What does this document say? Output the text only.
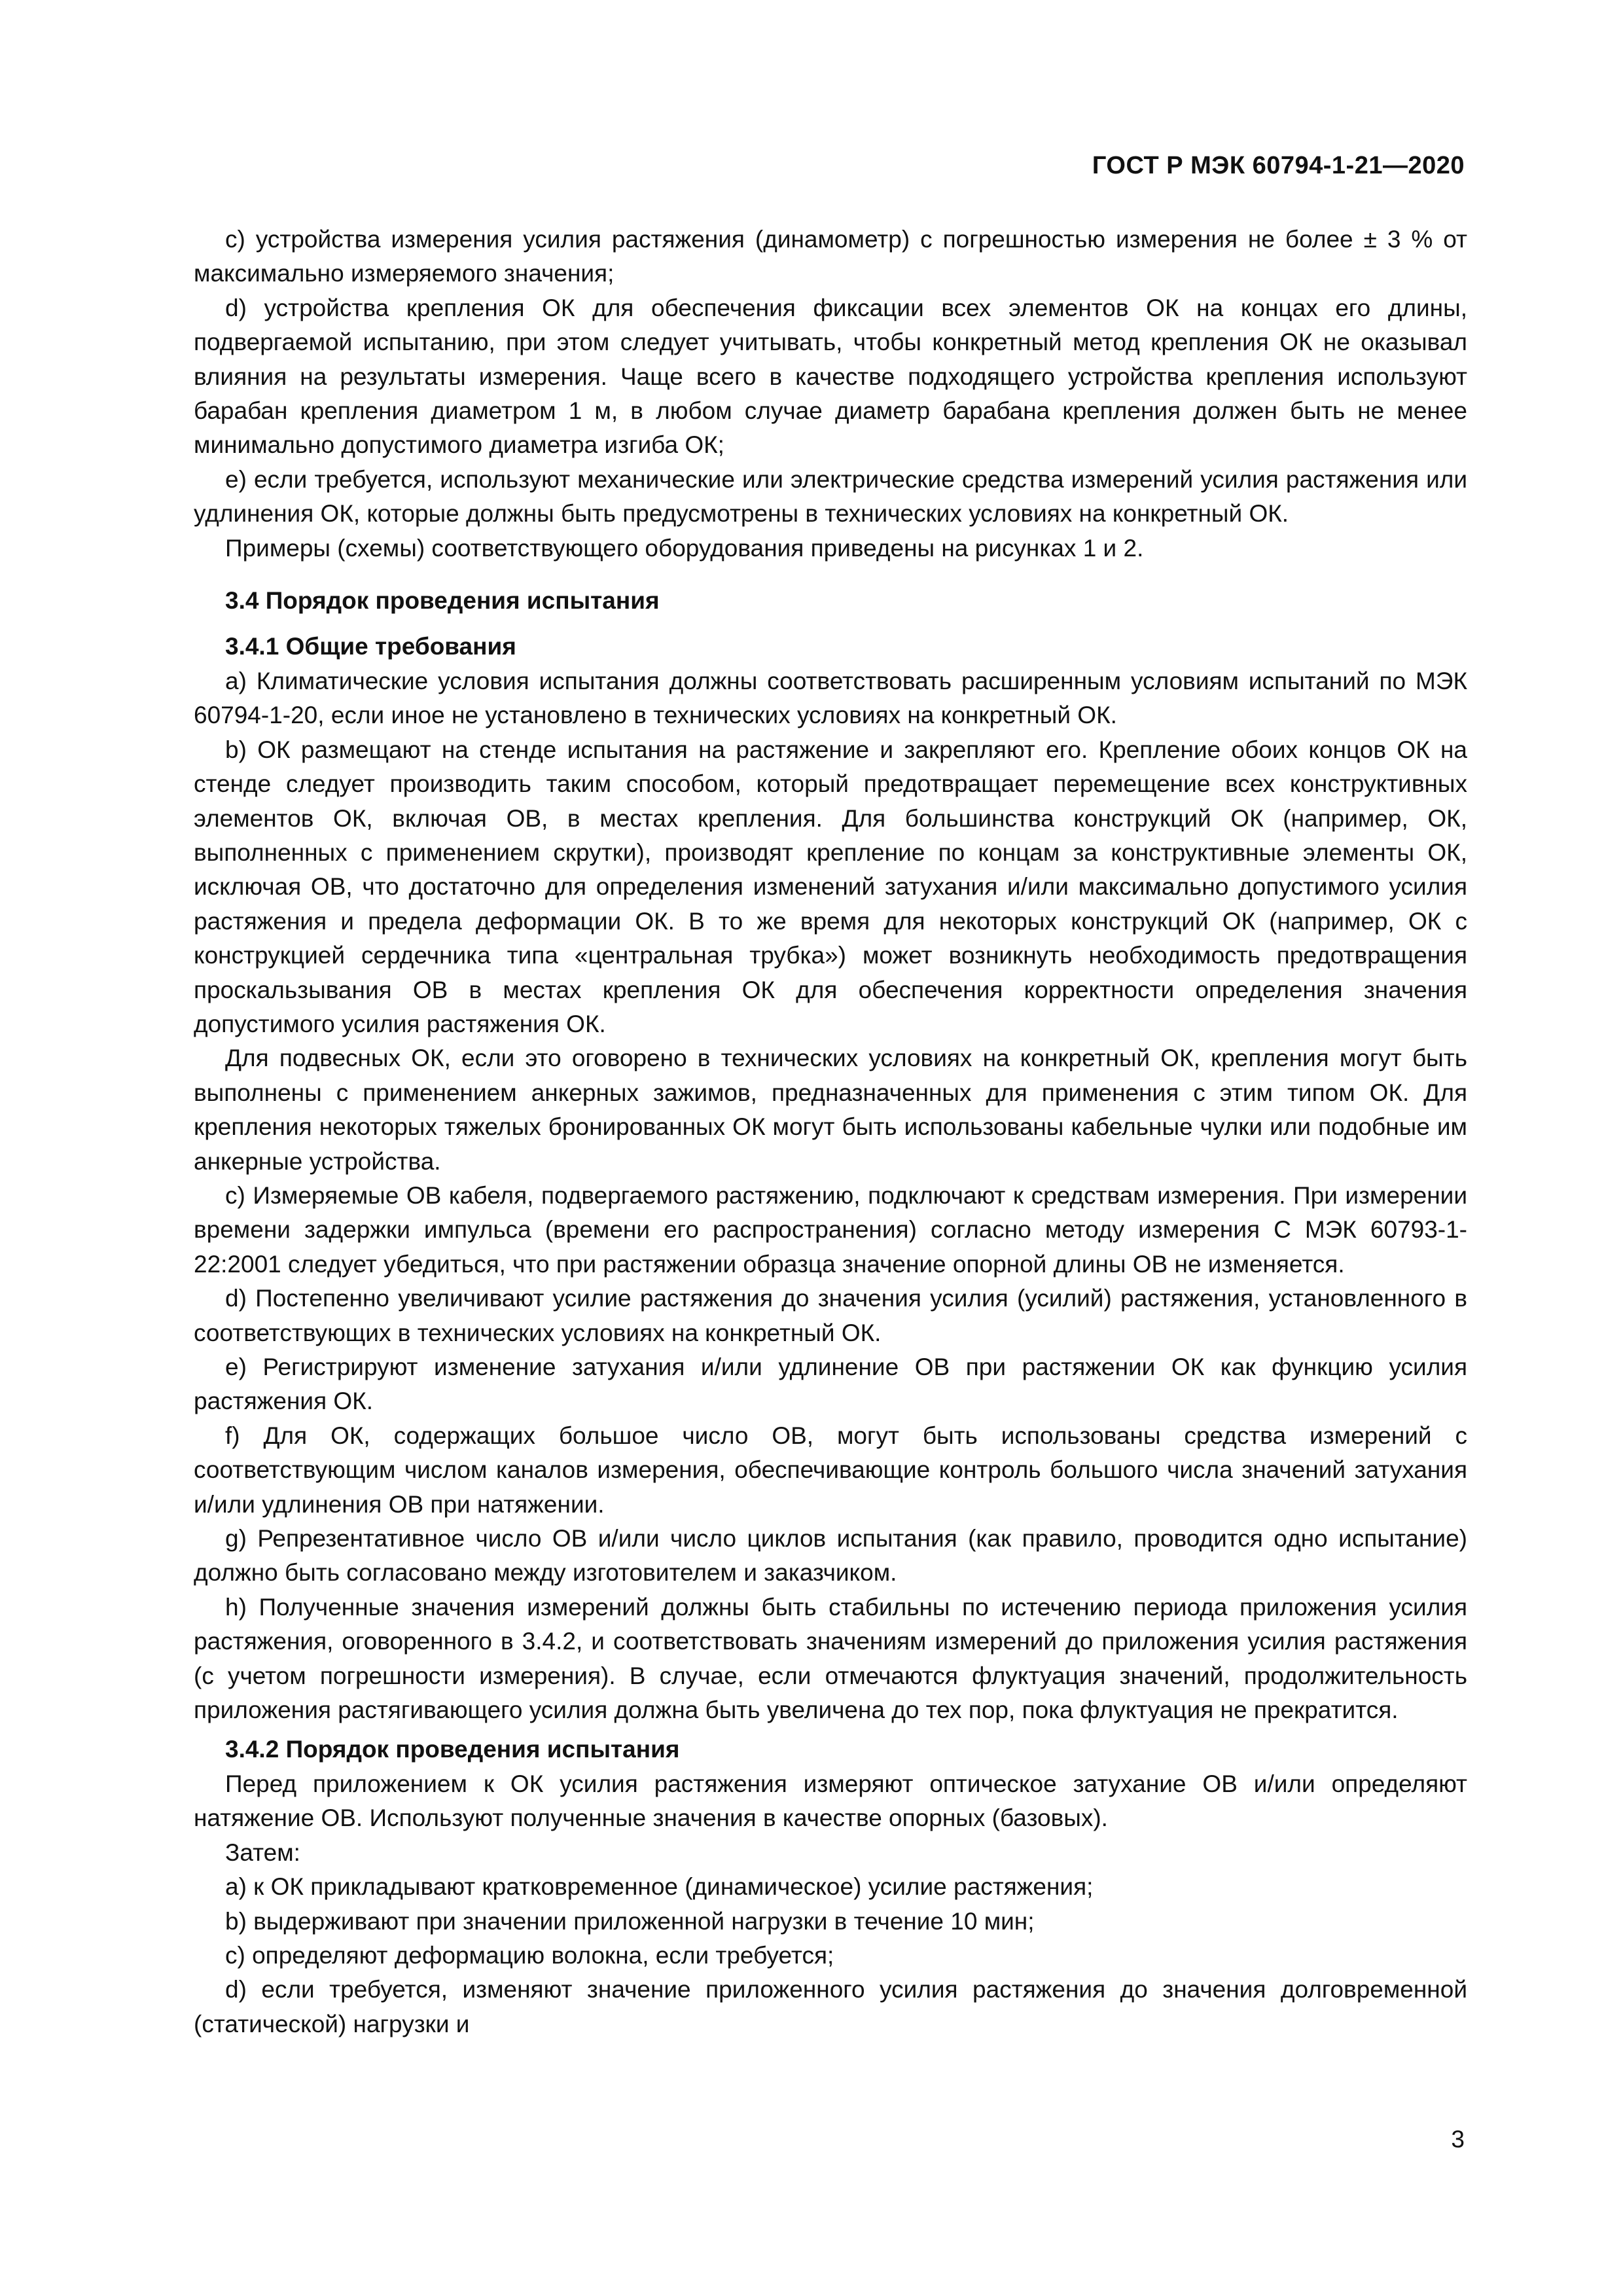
ГОСТ Р МЭК 60794-1-21—2020

c) устройства измерения усилия растяжения (динамометр) с погрешностью измерения не более ± 3 % от максимально измеряемого значения;

d) устройства крепления ОК для обеспечения фиксации всех элементов ОК на концах его длины, подвергаемой испытанию, при этом следует учитывать, чтобы конкретный метод крепления ОК не оказывал влияния на результаты измерения. Чаще всего в качестве подходящего устройства крепления используют барабан крепления диаметром 1 м, в любом случае диаметр барабана крепления должен быть не менее минимально допустимого диаметра изгиба ОК;

e) если требуется, используют механические или электрические средства измерений усилия растяжения или удлинения ОК, которые должны быть предусмотрены в технических условиях на конкретный ОК.

Примеры (схемы) соответствующего оборудования приведены на рисунках 1 и 2.

3.4 Порядок проведения испытания
3.4.1 Общие требования

a) Климатические условия испытания должны соответствовать расширенным условиям испытаний по МЭК 60794-1-20, если иное не установлено в технических условиях на конкретный ОК.

b) ОК размещают на стенде испытания на растяжение и закрепляют его. Крепление обоих концов ОК на стенде следует производить таким способом, который предотвращает перемещение всех конструктивных элементов ОК, включая ОВ, в местах крепления. Для большинства конструкций ОК (например, ОК, выполненных с применением скрутки), производят крепление по концам за конструктивные элементы ОК, исключая ОВ, что достаточно для определения изменений затухания и/или максимально допустимого усилия растяжения и предела деформации ОК. В то же время для некоторых конструкций ОК (например, ОК с конструкцией сердечника типа «центральная трубка») может возникнуть необходимость предотвращения проскальзывания ОВ в местах крепления ОК для обеспечения корректности определения значения допустимого усилия растяжения ОК.

Для подвесных ОК, если это оговорено в технических условиях на конкретный ОК, крепления могут быть выполнены с применением анкерных зажимов, предназначенных для применения с этим типом ОК. Для крепления некоторых тяжелых бронированных ОК могут быть использованы кабельные чулки или подобные им анкерные устройства.

c) Измеряемые ОВ кабеля, подвергаемого растяжению, подключают к средствам измерения. При измерении времени задержки импульса (времени его распространения) согласно методу измерения С МЭК 60793-1-22:2001 следует убедиться, что при растяжении образца значение опорной длины ОВ не изменяется.

d) Постепенно увеличивают усилие растяжения до значения усилия (усилий) растяжения, установленного в соответствующих в технических условиях на конкретный ОК.

e) Регистрируют изменение затухания и/или удлинение ОВ при растяжении ОК как функцию усилия растяжения ОК.

f) Для ОК, содержащих большое число ОВ, могут быть использованы средства измерений с соответствующим числом каналов измерения, обеспечивающие контроль большого числа значений затухания и/или удлинения ОВ при натяжении.

g) Репрезентативное число ОВ и/или число циклов испытания (как правило, проводится одно испытание) должно быть согласовано между изготовителем и заказчиком.

h) Полученные значения измерений должны быть стабильны по истечению периода приложения усилия растяжения, оговоренного в 3.4.2, и соответствовать значениям измерений до приложения усилия растяжения (с учетом погрешности измерения). В случае, если отмечаются флуктуация значений, продолжительность приложения растягивающего усилия должна быть увеличена до тех пор, пока флуктуация не прекратится.

3.4.2 Порядок проведения испытания

Перед приложением к ОК усилия растяжения измеряют оптическое затухание ОВ и/или определяют натяжение ОВ. Используют полученные значения в качестве опорных (базовых).

Затем:

a) к ОК прикладывают кратковременное (динамическое) усилие растяжения;

b) выдерживают при значении приложенной нагрузки в течение 10 мин;

c) определяют деформацию волокна, если требуется;

d) если требуется, изменяют значение приложенного усилия растяжения до значения долговременной (статической) нагрузки и

3
